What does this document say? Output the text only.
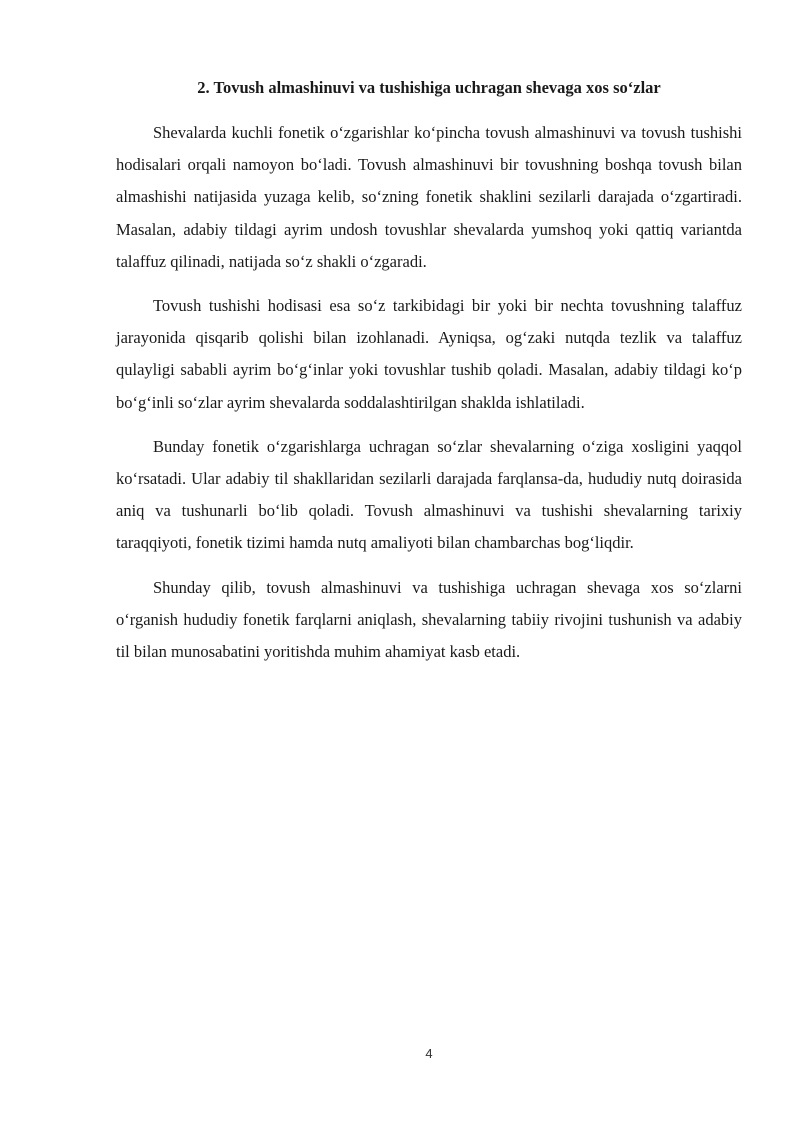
2. Tovush almashinuvi va tushishiga uchragan shevaga xos so‘zlar

Shevalarda kuchli fonetik o‘zgarishlar ko‘pincha tovush almashinuvi va tovush tushishi hodisalari orqali namoyon bo‘ladi. Tovush almashinuvi bir tovushning boshqa tovush bilan almashishi natijasida yuzaga kelib, so‘zning fonetik shaklini sezilarli darajada o‘zgartiradi. Masalan, adabiy tildagi ayrim undosh tovushlar shevalarda yumshoq yoki qattiq variantda talaffuz qilinadi, natijada so‘z shakli o‘zgaradi.

Tovush tushishi hodisasi esa so‘z tarkibidagi bir yoki bir nechta tovushning talaffuz jarayonida qisqarib qolishi bilan izohlanadi. Ayniqsa, og‘zaki nutqda tezlik va talaffuz qulayligi sababli ayrim bo‘g‘inlar yoki tovushlar tushib qoladi. Masalan, adabiy tildagi ko‘p bo‘g‘inli so‘zlar ayrim shevalarda soddalashtirilgan shaklda ishlatiladi.

Bunday fonetik o‘zgarishlarga uchragan so‘zlar shevalarning o‘ziga xosligini yaqqol ko‘rsatadi. Ular adabiy til shakllaridan sezilarli darajada farqlansa-da, hududiy nutq doirasida aniq va tushunarli bo‘lib qoladi. Tovush almashinuvi va tushishi shevalarning tarixiy taraqqiyoti, fonetik tizimi hamda nutq amaliyoti bilan chambarchas bog‘liqdir.

Shunday qilib, tovush almashinuvi va tushishiga uchragan shevaga xos so‘zlarni o‘rganish hududiy fonetik farqlarni aniqlash, shevalarning tabiiy rivojini tushunish va adabiy til bilan munosabatini yoritishda muhim ahamiyat kasb etadi.

4
